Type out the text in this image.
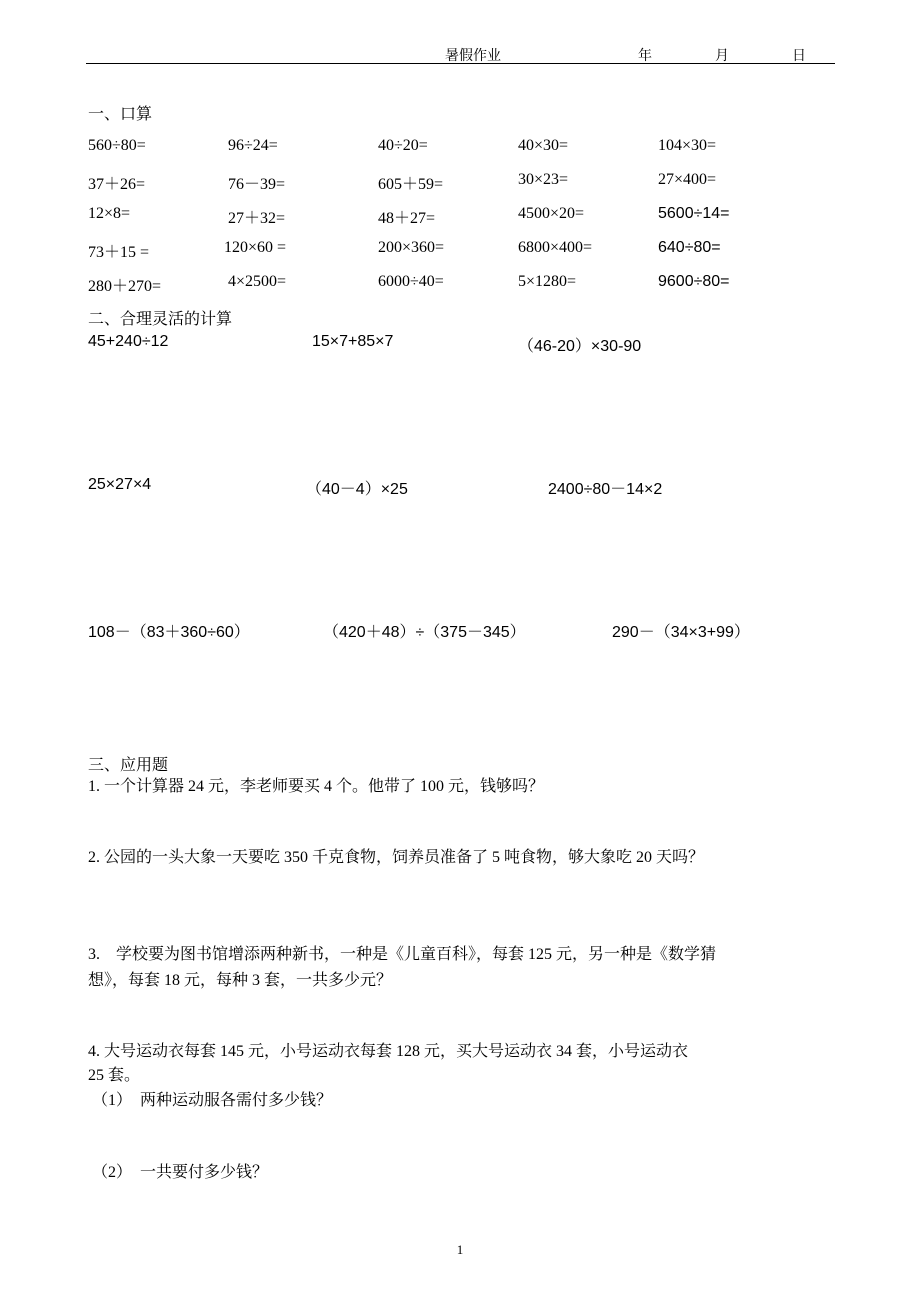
暑假作业	年	月	日
一、口算
560÷80=	96÷24=	40÷20=	40×30=	104×30=
37＋26=	76－39=	605＋59=	30×23=	27×400=
12×8=	27＋32=	48＋27=	4500×20=	5600÷14=
73＋15 =	120×60 =	200×360=	6800×400=	640÷80=
280＋270=	4×2500=	6000÷40=	5×1280=	9600÷80=
二、合理灵活的计算
45+240÷12	15×7+85×7	（46-20）×30-90
25×27×4	（40－4）×25	2400÷80－14×2
108－（83＋360÷60）	（420＋48）÷（375－345）	290－（34×3+99）
三、应用题
1. 一个计算器 24 元，李老师要买 4 个。他带了 100 元，钱够吗？
2. 公园的一头大象一天要吃 350 千克食物，饲养员准备了 5 吨食物，够大象吃 20 天吗？
3.　学校要为图书馆增添两种新书，一种是《儿童百科》，每套 125 元，另一种是《数学猜
想》，每套 18 元，每种 3 套，一共多少元？
4. 大号运动衣每套 145 元，小号运动衣每套 128 元，买大号运动衣 34 套，小号运动衣
25 套。
（1）　两种运动服各需付多少钱？
（2）　一共要付多少钱？
1
